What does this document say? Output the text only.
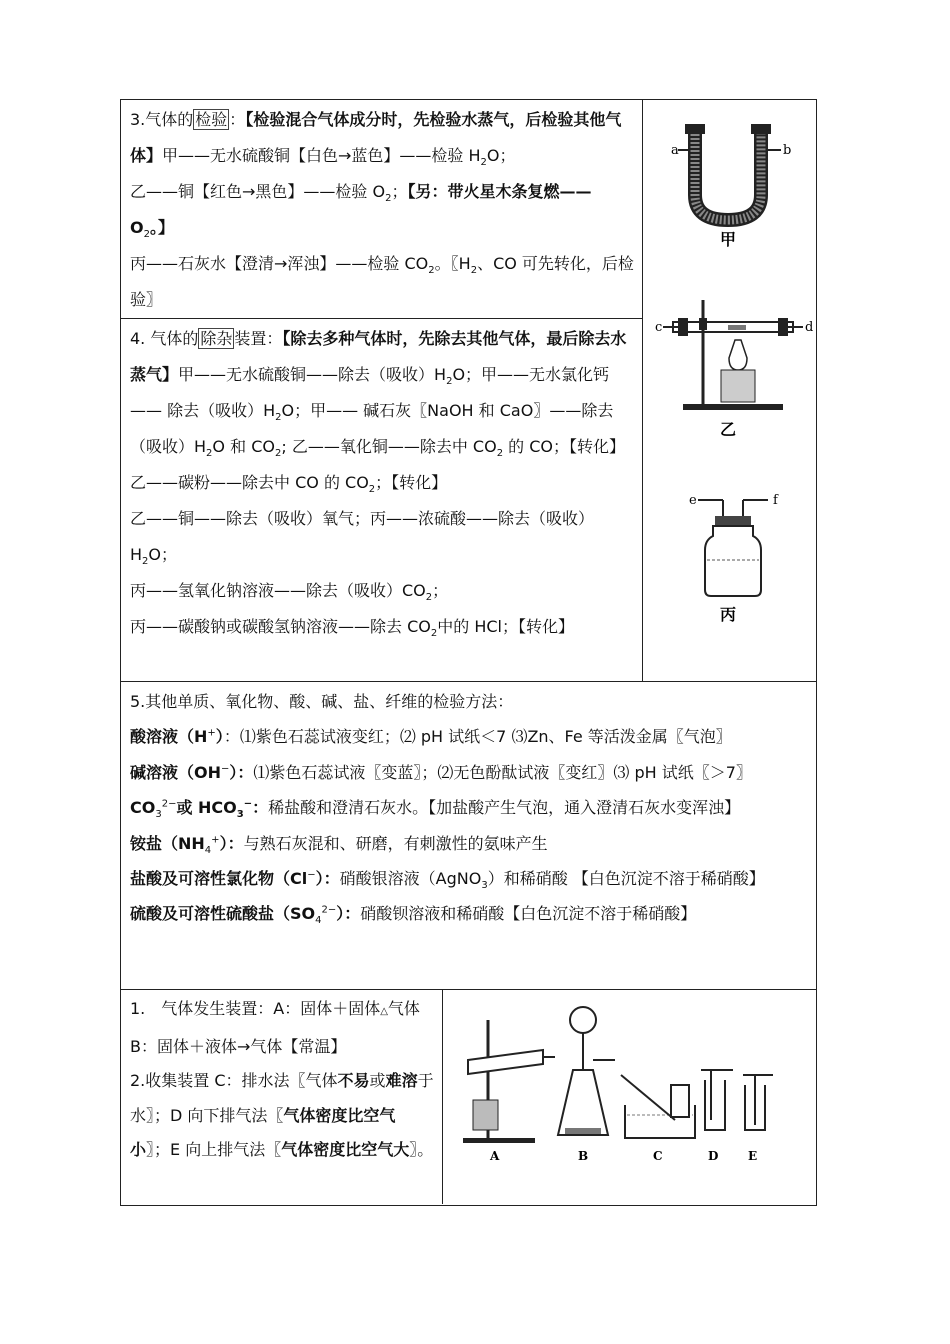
3.气体的 检验 ：【检验混合气体成分时，先检验水蒸气，后检验其他气体】甲——无水硫酸铜【白色→蓝色】——检验 $H_2O$；

乙——铜【红色→黑色】——检验 $O_2$；【另：带火星木条复燃$——O_2$。】

丙——石灰水【澄清→浑浊】——检验 $CO_2$。〖$H_2$、CO 可先转化，后检验〗

a	b
甲
c	d
乙
e	f
丙

4. 气体的 除杂 装置：【除去多种气体时，先除去其他气体，最后除去水蒸气】甲——无水硫酸铜——除去（吸收）$H_2O$；甲——无水氯化钙—— 除去（吸收）$H_2O$；甲—— 碱石灰〖NaOH 和 CaO〗——除去（吸收）$H_2O$ 和 $CO_2$; 乙——氧化铜——除去中 $CO_2$ 的 CO；【转化】乙——碳粉——除去中 CO 的 $CO_2$；【转化】

乙——铜——除去（吸收）氧气；丙——浓硫酸——除去（吸收）$H_2O$；

丙——氢氧化钠溶液——除去（吸收）$CO_2$；

丙——碳酸钠或碳酸氢钠溶液——除去 $CO_2$中的 HCl；【转化】

5.其他单质、氧化物、酸、碱、盐、纤维的检验方法：

酸溶液（H+）：⑴紫色石蕊试液变红；⑵ pH 试纸＜7 ⑶Zn、Fe 等活泼金属〖气泡〗

碱溶液（OH−）：⑴紫色石蕊试液〖变蓝〗；⑵无色酚酞试液〖变红〗⑶ pH 试纸〖＞7〗

$CO_3^{2-}$或 $HCO_3^-$：稀盐酸和澄清石灰水。【加盐酸产生气泡，通入澄清石灰水变浑浊】

铵盐$(NH_4^+)$：与熟石灰混和、研磨，有刺激性的氨味产生

盐酸及可溶性氯化物（Cl−）：硝酸银溶液（AgNO$_3$）和稀硝酸 【白色沉淀不溶于稀硝酸】

硫酸及可溶性硫酸盐$(SO_4^{2-})$：硝酸钡溶液和稀硝酸【白色沉淀不溶于稀硝酸】

1.　气体发生装置：A：固体＋固体△气体

B：固体＋液体→气体【常温】

2.收集装置 C：排水法〖气体不易或难溶于水〗；D 向下排气法〖气体密度比空气小〗；E 向上排气法〖气体密度比空气大〗。	A	B	C	D E
